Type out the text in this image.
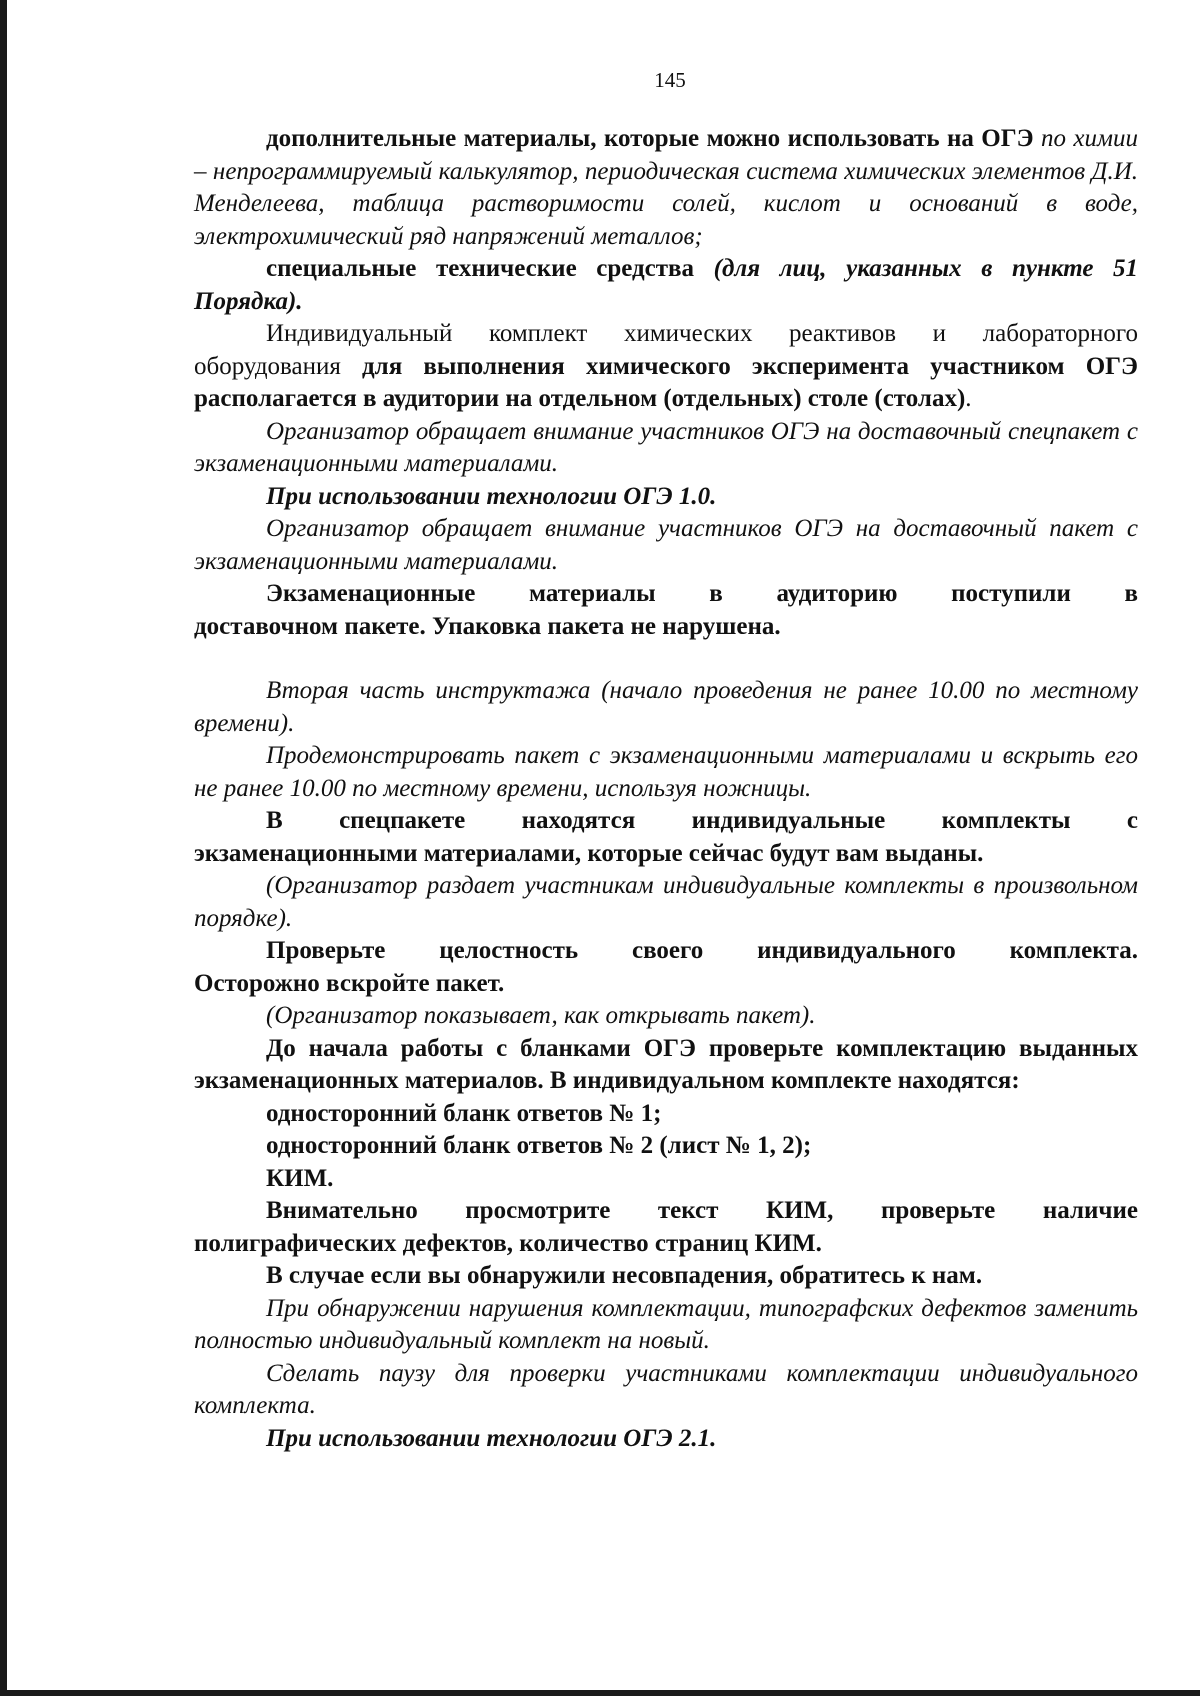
145

дополнительные материалы, которые можно использовать на ОГЭ по химии – непрограммируемый калькулятор, периодическая система химических элементов Д.И. Менделеева, таблица растворимости солей, кислот и оснований в воде, электрохимический ряд напряжений металлов;

специальные технические средства (для лиц, указанных в пункте 51 Порядка).

Индивидуальный комплект химических реактивов и лабораторного оборудования для выполнения химического эксперимента участником ОГЭ располагается в аудитории на отдельном (отдельных) столе (столах).

Организатор обращает внимание участников ОГЭ на доставочный спецпакет с экзаменационными материалами.

При использовании технологии ОГЭ 1.0.

Организатор обращает внимание участников ОГЭ на доставочный пакет с экзаменационными материалами.

Экзаменационные материалы в аудиторию поступили в

доставочном пакете. Упаковка пакета не нарушена.

Вторая часть инструктажа (начало проведения не ранее 10.00 по местному времени).

Продемонстрировать пакет с экзаменационными материалами и вскрыть его не ранее 10.00 по местному времени, используя ножницы.

В спецпакете находятся индивидуальные комплекты с

экзаменационными материалами, которые сейчас будут вам выданы.

(Организатор раздает участникам индивидуальные комплекты в произвольном порядке).

Проверьте целостность своего индивидуального комплекта.

Осторожно вскройте пакет.

(Организатор показывает, как открывать пакет).

До начала работы с бланками ОГЭ проверьте комплектацию выданных экзаменационных материалов. В индивидуальном комплекте находятся:

односторонний бланк ответов № 1;

односторонний бланк ответов № 2 (лист № 1, 2);

КИМ.

Внимательно просмотрите текст КИМ, проверьте наличие полиграфических дефектов, количество страниц КИМ.

В случае если вы обнаружили несовпадения, обратитесь к нам.

При обнаружении нарушения комплектации, типографских дефектов заменить полностью индивидуальный комплект на новый.

Сделать паузу для проверки участниками комплектации индивидуального комплекта.

При использовании технологии ОГЭ 2.1.
